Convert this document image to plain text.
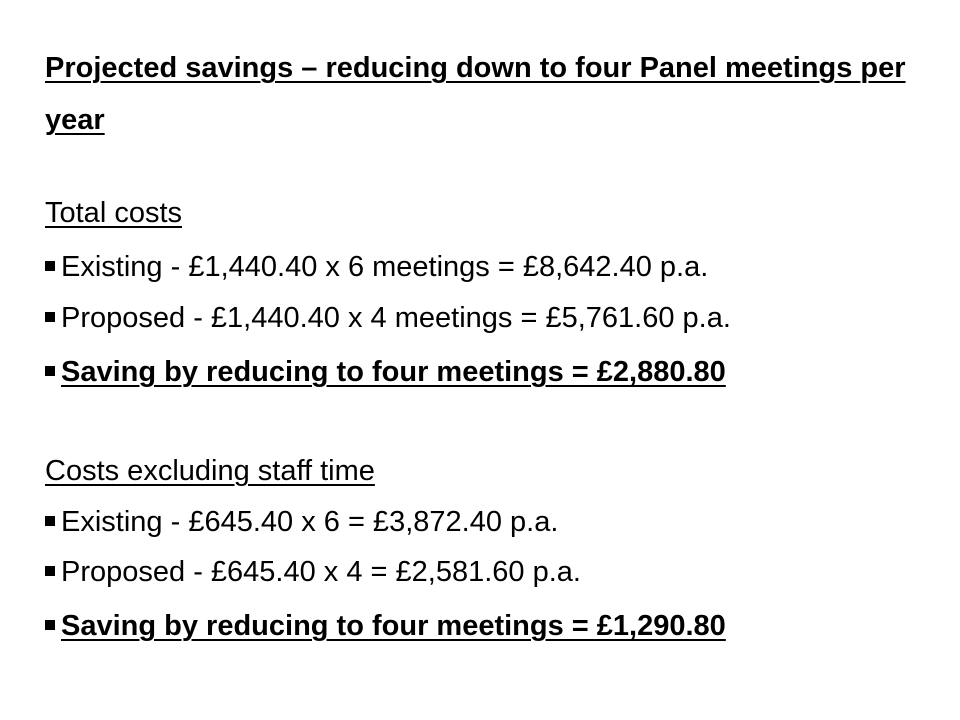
Projected savings – reducing down to four Panel meetings per year
Total costs
Existing - £1,440.40 x 6 meetings = £8,642.40 p.a.
Proposed - £1,440.40 x 4 meetings = £5,761.60 p.a.
Saving by reducing to four meetings = £2,880.80
Costs excluding staff time
Existing - £645.40 x 6 = £3,872.40 p.a.
Proposed - £645.40 x 4 = £2,581.60 p.a.
Saving by reducing to four meetings = £1,290.80
